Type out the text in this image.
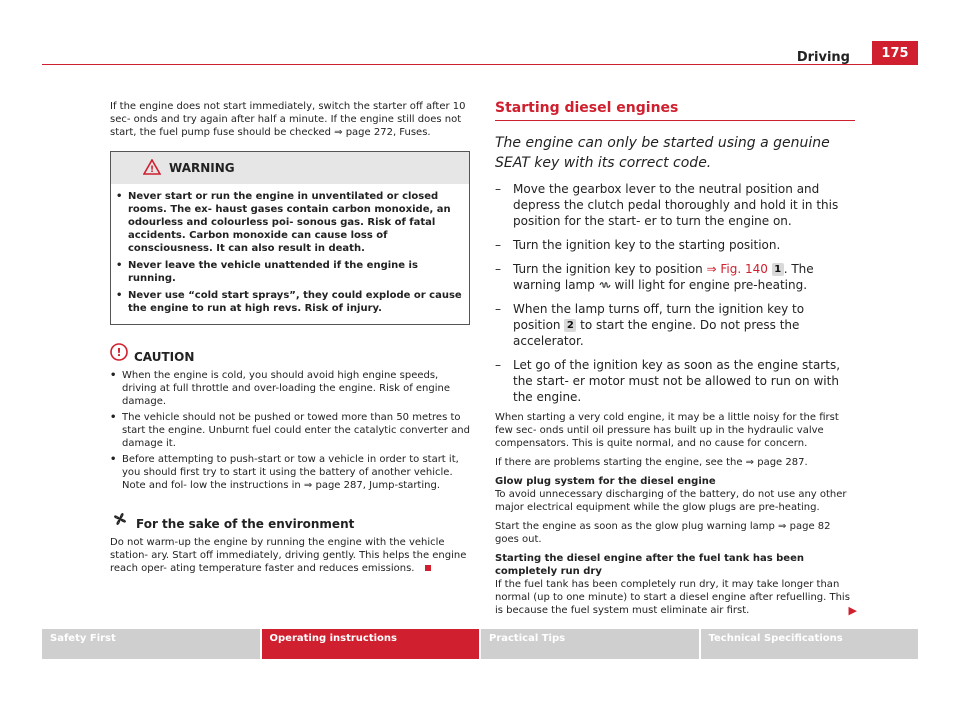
Driving	175

If the engine does not start immediately, switch the starter off after 10 sec- onds and try again after half a minute. If the engine still does not start, the fuel pump fuse should be checked ⇒ page 272, Fuses.

! WARNING
• Never start or run the engine in unventilated or closed rooms. The ex- haust gases contain carbon monoxide, an odourless and colourless poi- sonous gas. Risk of fatal accidents. Carbon monoxide can cause loss of consciousness. It can also result in death.
• Never leave the vehicle unattended if the engine is running.
• Never use “cold start sprays”, they could explode or cause the engine to run at high revs. Risk of injury.
! CAUTION
• When the engine is cold, you should avoid high engine speeds, driving at full throttle and over-loading the engine. Risk of engine damage.
• The vehicle should not be pushed or towed more than 50 metres to start the engine. Unburnt fuel could enter the catalytic converter and damage it.
• Before attempting to push-start or tow a vehicle in order to start it, you should first try to start it using the battery of another vehicle. Note and fol- low the instructions in ⇒ page 287, Jump-starting.
For the sake of the environment

Do not warm-up the engine by running the engine with the vehicle station- ary. Start off immediately, driving gently. This helps the engine reach oper- ating temperature faster and reduces emissions.

Starting diesel engines

The engine can only be started using a genuine SEAT key with its correct code.

–	Move the gearbox lever to the neutral position and depress the clutch pedal thoroughly and hold it in this position for the start- er to turn the engine on.
–	Turn the ignition key to the starting position.
–	Turn the ignition key to position ⇒ Fig. 140 1 . The warning lamp  will light for engine pre-heating.
–	When the lamp turns off, turn the ignition key to position 2 to start the engine. Do not press the accelerator.
–	Let go of the ignition key as soon as the engine starts, the start- er motor must not be allowed to run on with the engine.

When starting a very cold engine, it may be a little noisy for the first few sec- onds until oil pressure has built up in the hydraulic valve compensators. This is quite normal, and no cause for concern.

If there are problems starting the engine, see the ⇒ page 287.

Glow plug system for the diesel engine
To avoid unnecessary discharging of the battery, do not use any other major electrical equipment while the glow plugs are pre-heating.

Start the engine as soon as the glow plug warning lamp ⇒ page 82 goes out.

Starting the diesel engine after the fuel tank has been completely run dry
If the fuel tank has been completely run dry, it may take longer than normal (up to one minute) to start a diesel engine after refuelling. This is because the fuel system must eliminate air first.	▶

Safety First	Operating instructions	Practical Tips	Technical Specifications
